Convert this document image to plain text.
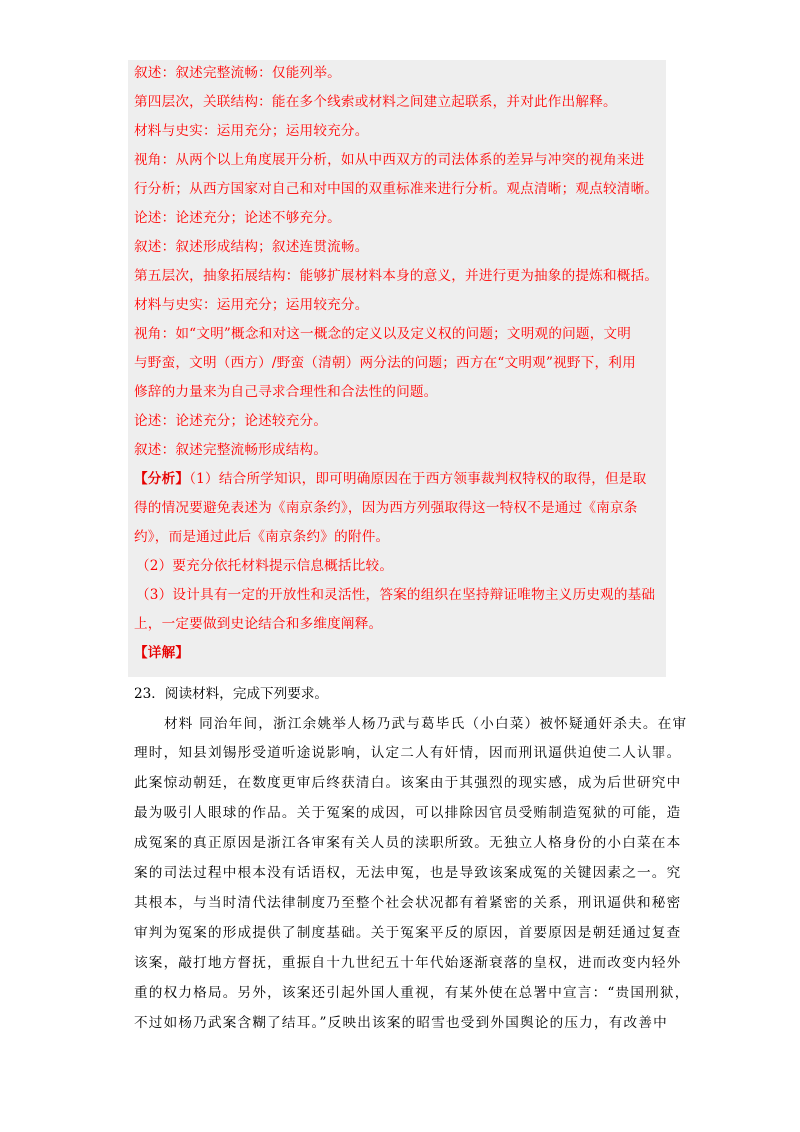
叙述：叙述完整流畅：仅能列举。
第四层次，关联结构：能在多个线索或材料之间建立起联系，并对此作出解释。
材料与史实：运用充分；运用较充分。
视角：从两个以上角度展开分析，如从中西双方的司法体系的差异与冲突的视角来进
行分析；从西方国家对自己和对中国的双重标准来进行分析。观点清晰；观点较清晰。
论述：论述充分；论述不够充分。
叙述：叙述形成结构；叙述连贯流畅。
第五层次，抽象拓展结构：能够扩展材料本身的意义，并进行更为抽象的提炼和概括。
材料与史实：运用充分；运用较充分。
视角：如“文明”概念和对这一概念的定义以及定义权的问题；文明观的问题，文明
与野蛮，文明（西方）/野蛮（清朝）两分法的问题；西方在“文明观”视野下，利用
修辞的力量来为自己寻求合理性和合法性的问题。
论述：论述充分；论述较充分。
叙述：叙述完整流畅形成结构。
【分析】（1）结合所学知识，即可明确原因在于西方领事裁判权特权的取得，但是取
得的情况要避免表述为《南京条约》，因为西方列强取得这一特权不是通过《南京条
约》，而是通过此后《南京条约》的附件。
（2）要充分依托材料提示信息概括比较。
（3）设计具有一定的开放性和灵活性，答案的组织在坚持辩证唯物主义历史观的基础
上，一定要做到史论结合和多维度阐释。
【详解】
23．阅读材料，完成下列要求。
材料 同治年间，浙江余姚举人杨乃武与葛毕氏（小白菜）被怀疑通奸杀夫。在审
理时，知县刘锡彤受道听途说影响，认定二人有奸情，因而刑讯逼供迫使二人认罪。
此案惊动朝廷，在数度更审后终获清白。该案由于其强烈的现实感，成为后世研究中
最为吸引人眼球的作品。关于冤案的成因，可以排除因官员受贿制造冤狱的可能，造
成冤案的真正原因是浙江各审案有关人员的渎职所致。无独立人格身份的小白菜在本
案的司法过程中根本没有话语权，无法申冤，也是导致该案成冤的关键因素之一。究
其根本，与当时清代法律制度乃至整个社会状况都有着紧密的关系，刑讯逼供和秘密
审判为冤案的形成提供了制度基础。关于冤案平反的原因，首要原因是朝廷通过复查
该案，敲打地方督抚，重振自十九世纪五十年代始逐渐衰落的皇权，进而改变内轻外
重的权力格局。另外，该案还引起外国人重视，有某外使在总署中宣言：“贵国刑狱，
不过如杨乃武案含糊了结耳。”反映出该案的昭雪也受到外国舆论的压力，有改善中
